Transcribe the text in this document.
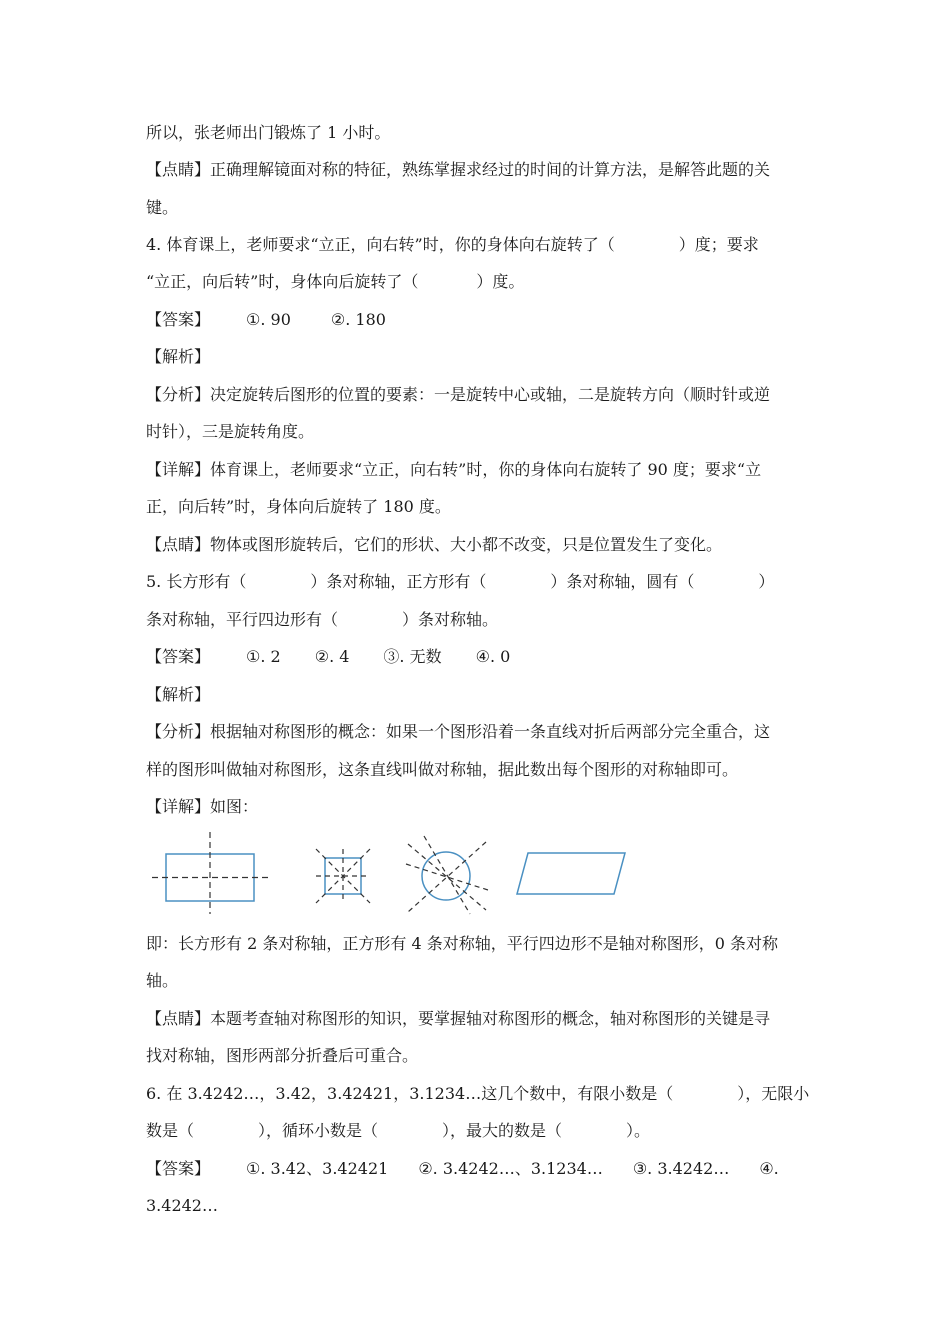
所以，张老师出门锻炼了 1 小时。
【点睛】正确理解镜面对称的特征，熟练掌握求经过的时间的计算方法，是解答此题的关
键。
4. 体育课上，老师要求“立正，向右转”时，你的身体向右旋转了（	）度；要求
“立正，向后转”时，身体向后旋转了（	）度。
【答案】 ①. 90	②. 180
【解析】
【分析】决定旋转后图形的位置的要素：一是旋转中心或轴，二是旋转方向（顺时针或逆
时针），三是旋转角度。
【详解】体育课上，老师要求“立正，向右转”时，你的身体向右旋转了 90 度；要求“立
正，向后转”时，身体向后旋转了 180 度。
【点睛】物体或图形旋转后，它们的形状、大小都不改变，只是位置发生了变化。
5. 长方形有（	）条对称轴，正方形有（	）条对称轴，圆有（	）
条对称轴，平行四边形有（	）条对称轴。
【答案】 ①. 2 ②. 4 ③. 无数 ④. 0
【解析】
【分析】根据轴对称图形的概念：如果一个图形沿着一条直线对折后两部分完全重合，这
样的图形叫做轴对称图形，这条直线叫做对称轴，据此数出每个图形的对称轴即可。
【详解】如图：
即：长方形有 2 条对称轴，正方形有 4 条对称轴，平行四边形不是轴对称图形，0 条对称
轴。
【点睛】本题考查轴对称图形的知识，要掌握轴对称图形的概念，轴对称图形的关键是寻
找对称轴，图形两部分折叠后可重合。
6. 在 3.4242…，3.42，3.42421，3.1234…这几个数中，有限小数是（	），无限小
数是（	），循环小数是（	），最大的数是（	）。
【答案】 ①. 3.42、3.42421 ②. 3.4242…、3.1234… ③. 3.4242… ④.
3.4242…
